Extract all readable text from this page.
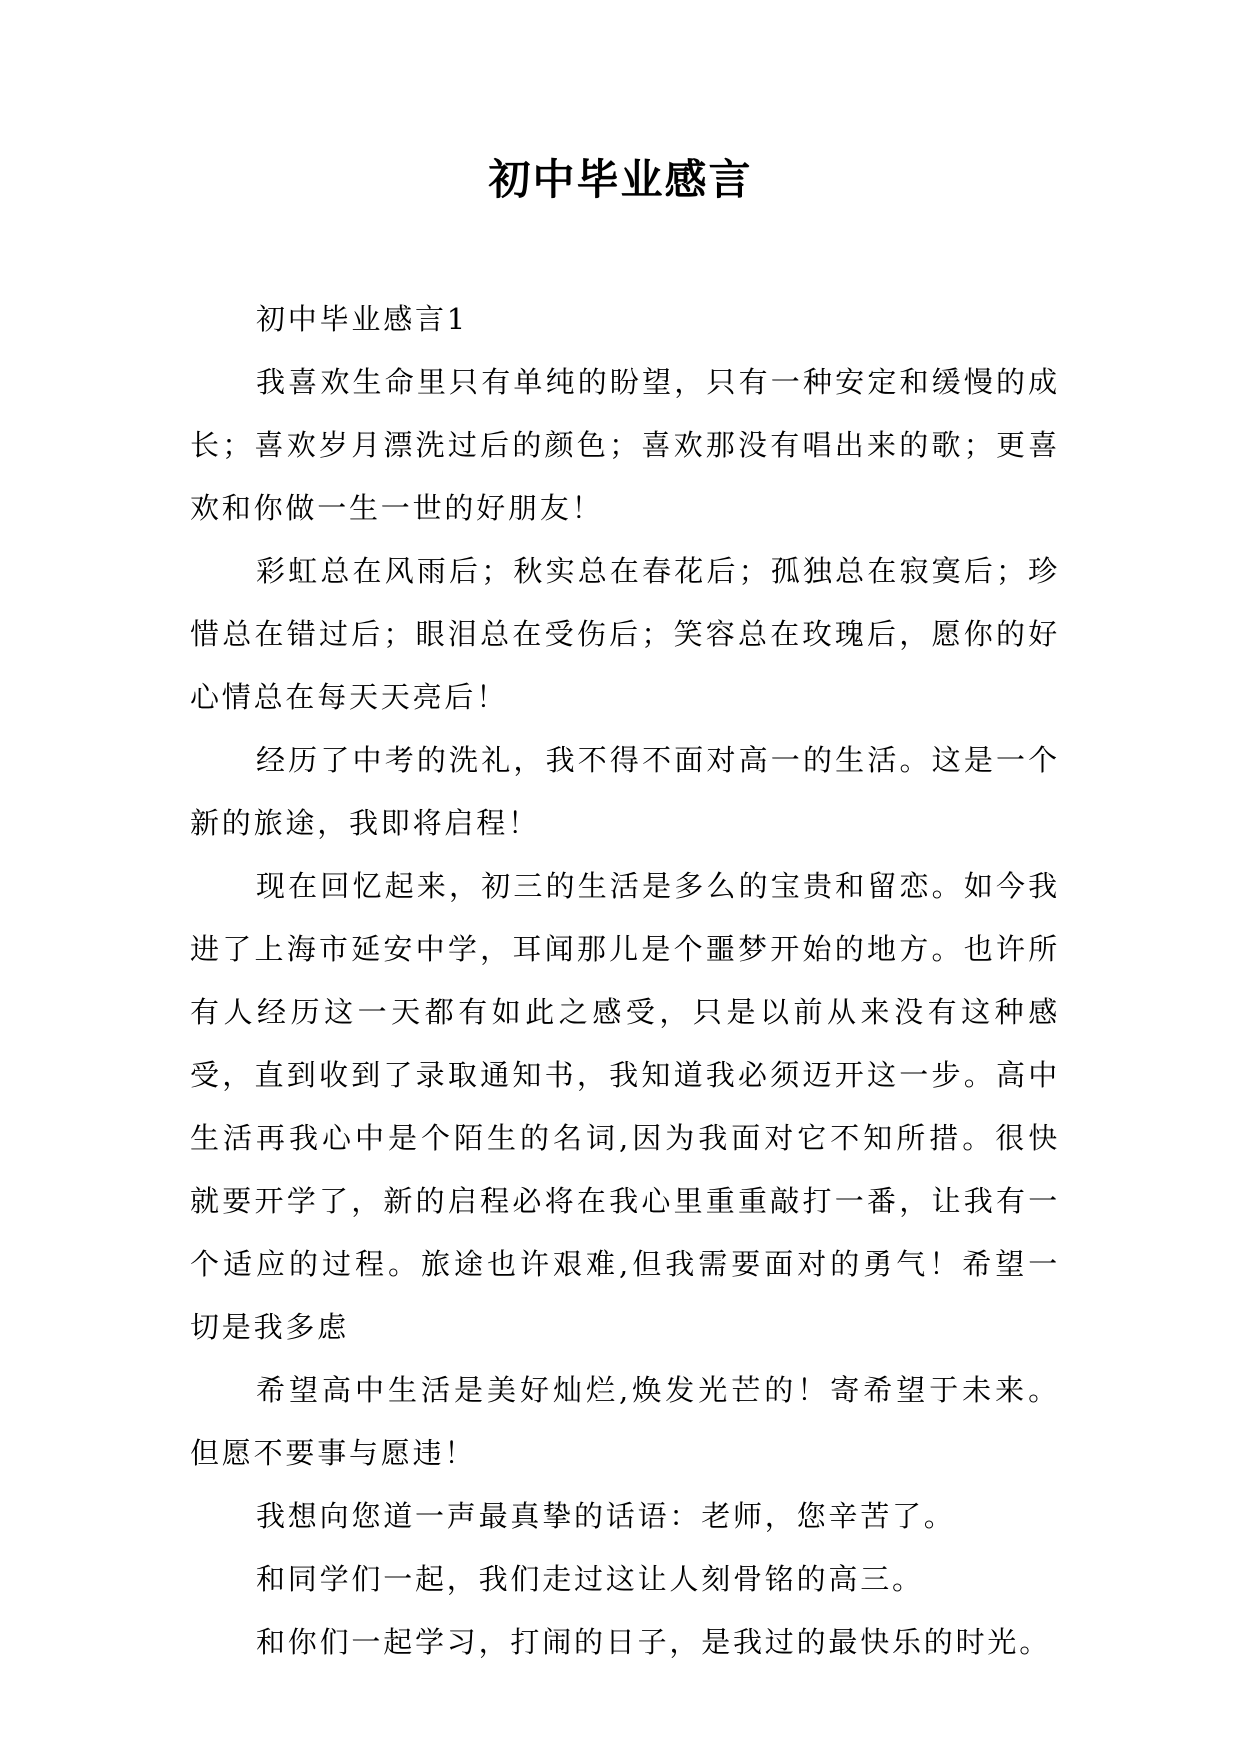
初中毕业感言

初中毕业感言1

我喜欢生命里只有单纯的盼望，只有一种安定和缓慢的成长；喜欢岁月漂洗过后的颜色；喜欢那没有唱出来的歌；更喜欢和你做一生一世的好朋友！

彩虹总在风雨后；秋实总在春花后；孤独总在寂寞后；珍惜总在错过后；眼泪总在受伤后；笑容总在玫瑰后，愿你的好心情总在每天天亮后！

经历了中考的洗礼，我不得不面对高一的生活。这是一个新的旅途，我即将启程！

现在回忆起来，初三的生活是多么的宝贵和留恋。如今我进了上海市延安中学，耳闻那儿是个噩梦开始的地方。也许所有人经历这一天都有如此之感受，只是以前从来没有这种感受，直到收到了录取通知书，我知道我必须迈开这一步。高中生活再我心中是个陌生的名词,因为我面对它不知所措。很快就要开学了，新的启程必将在我心里重重敲打一番，让我有一个适应的过程。旅途也许艰难,但我需要面对的勇气！希望一切是我多虑

希望高中生活是美好灿烂,焕发光芒的！寄希望于未来。但愿不要事与愿违！

我想向您道一声最真挚的话语：老师，您辛苦了。

和同学们一起，我们走过这让人刻骨铭的高三。

和你们一起学习，打闹的日子，是我过的最快乐的时光。
